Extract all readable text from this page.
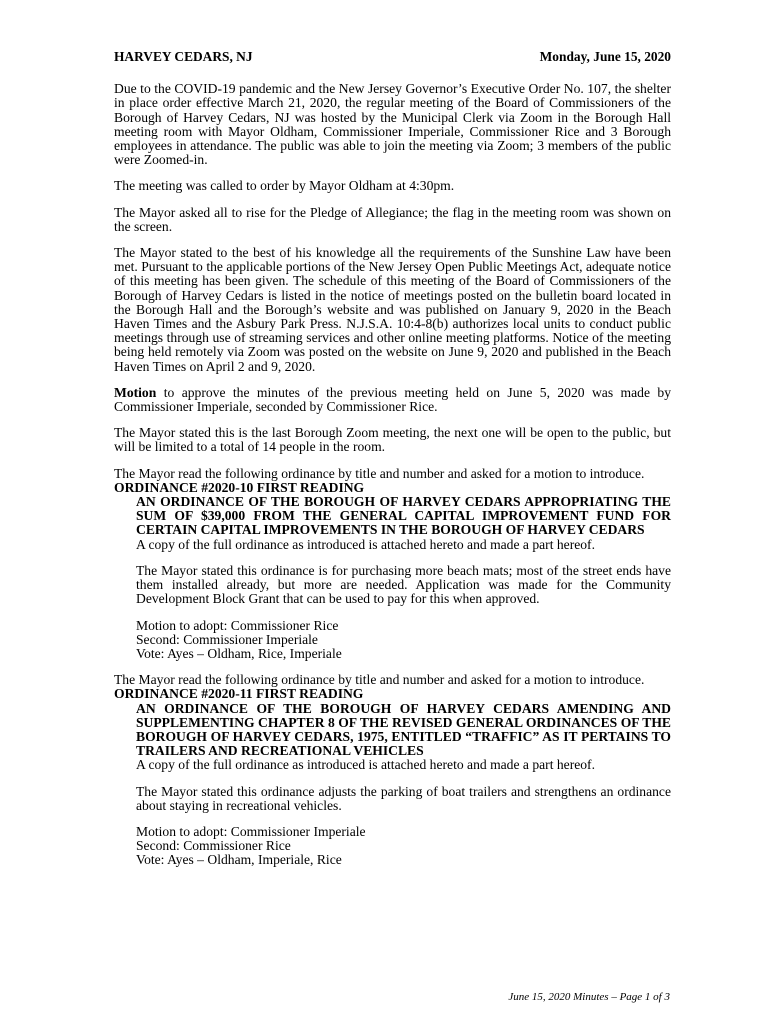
HARVEY CEDARS, NJ	Monday, June 15, 2020

Due to the COVID-19 pandemic and the New Jersey Governor’s Executive Order No. 107, the shelter in place order effective March 21, 2020, the regular meeting of the Board of Commissioners of the Borough of Harvey Cedars, NJ was hosted by the Municipal Clerk via Zoom in the Borough Hall meeting room with Mayor Oldham, Commissioner Imperiale, Commissioner Rice and 3 Borough employees in attendance. The public was able to join the meeting via Zoom; 3 members of the public were Zoomed-in.

The meeting was called to order by Mayor Oldham at 4:30pm.

The Mayor asked all to rise for the Pledge of Allegiance; the flag in the meeting room was shown on the screen.

The Mayor stated to the best of his knowledge all the requirements of the Sunshine Law have been met. Pursuant to the applicable portions of the New Jersey Open Public Meetings Act, adequate notice of this meeting has been given. The schedule of this meeting of the Board of Commissioners of the Borough of Harvey Cedars is listed in the notice of meetings posted on the bulletin board located in the Borough Hall and the Borough’s website and was published on January 9, 2020 in the Beach Haven Times and the Asbury Park Press. N.J.S.A. 10:4-8(b) authorizes local units to conduct public meetings through use of streaming services and other online meeting platforms. Notice of the meeting being held remotely via Zoom was posted on the website on June 9, 2020 and published in the Beach Haven Times on April 2 and 9, 2020.

Motion to approve the minutes of the previous meeting held on June 5, 2020 was made by Commissioner Imperiale, seconded by Commissioner Rice.

The Mayor stated this is the last Borough Zoom meeting, the next one will be open to the public, but will be limited to a total of 14 people in the room.

The Mayor read the following ordinance by title and number and asked for a motion to introduce.

ORDINANCE #2020-10 FIRST READING

AN ORDINANCE OF THE BOROUGH OF HARVEY CEDARS APPROPRIATING THE SUM OF $39,000 FROM THE GENERAL CAPITAL IMPROVEMENT FUND FOR CERTAIN CAPITAL IMPROVEMENTS IN THE BOROUGH OF HARVEY CEDARS

A copy of the full ordinance as introduced is attached hereto and made a part hereof.

The Mayor stated this ordinance is for purchasing more beach mats; most of the street ends have them installed already, but more are needed. Application was made for the Community Development Block Grant that can be used to pay for this when approved.

Motion to adopt: Commissioner Rice
Second: Commissioner Imperiale
Vote: Ayes – Oldham, Rice, Imperiale

The Mayor read the following ordinance by title and number and asked for a motion to introduce.

ORDINANCE #2020-11 FIRST READING

AN ORDINANCE OF THE BOROUGH OF HARVEY CEDARS AMENDING AND SUPPLEMENTING CHAPTER 8 OF THE REVISED GENERAL ORDINANCES OF THE BOROUGH OF HARVEY CEDARS, 1975, ENTITLED “TRAFFIC” AS IT PERTAINS TO TRAILERS AND RECREATIONAL VEHICLES

A copy of the full ordinance as introduced is attached hereto and made a part hereof.

The Mayor stated this ordinance adjusts the parking of boat trailers and strengthens an ordinance about staying in recreational vehicles.

Motion to adopt: Commissioner Imperiale
Second: Commissioner Rice
Vote: Ayes – Oldham, Imperiale, Rice
June 15, 2020 Minutes – Page 1 of 3
